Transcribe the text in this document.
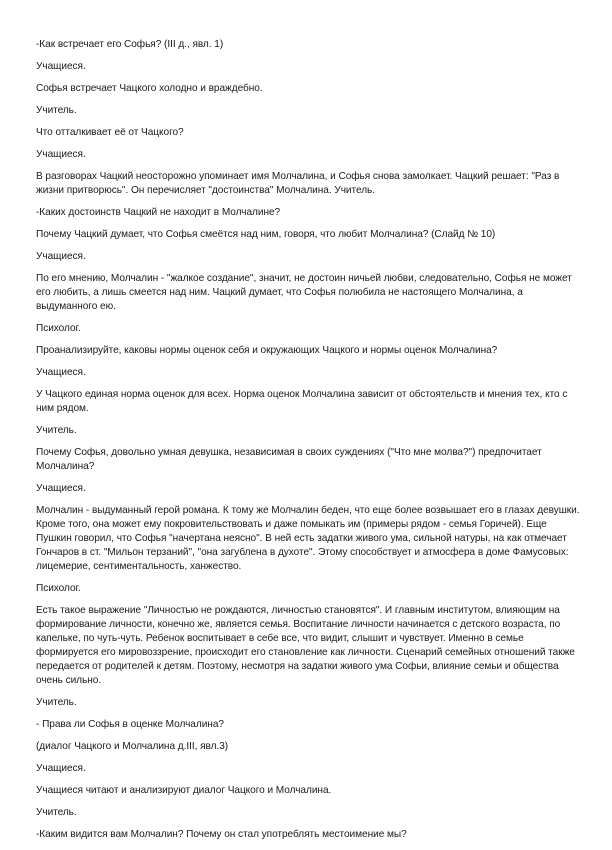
-Как встречает его Софья? (III д., явл. 1)

Учащиеся.

Софья встречает Чацкого холодно и враждебно.

Учитель.

Что отталкивает её от Чацкого?

Учащиеся.

В разговорах Чацкий неосторожно упоминает имя Молчалина, и Софья снова замолкает. Чацкий решает: "Раз в жизни притворюсь". Он перечисляет "достоинства" Молчалина. Учитель.

-Каких достоинств Чацкий не находит в Молчалине?

Почему Чацкий думает, что Софья смеётся над ним, говоря, что любит Молчалина? (Слайд № 10)

Учащиеся.

По его мнению, Молчалин - "жалкое создание", значит, не достоин ничьей любви, следовательно, Софья не может его любить, а лишь смеется над ним. Чацкий думает, что Софья полюбила не настоящего Молчалина, а выдуманного ею.

Психолог.

Проанализируйте, каковы нормы оценок себя и окружающих Чацкого и нормы оценок Молчалина?

Учащиеся.

У Чацкого единая норма оценок для всех. Норма оценок Молчалина зависит от обстоятельств и мнения тех, кто с ним рядом.

Учитель.

Почему Софья, довольно умная девушка, независимая в своих суждениях ("Что мне молва?") предпочитает Молчалина?

Учащиеся.

Молчалин - выдуманный герой романа. К тому же Молчалин беден, что еще более возвышает его в глазах девушки. Кроме того, она может ему покровительствовать и даже помыкать им (примеры рядом - семья Горичей). Еще Пушкин говорил, что Софья "начертана неясно". В ней есть задатки живого ума, сильной натуры, на как отмечает Гончаров в ст. "Мильон терзаний", "она загублена в духоте". Этому способствует и атмосфера в доме Фамусовых: лицемерие, сентиментальность, ханжество.

Психолог.

Есть такое выражение "Личностью не рождаются, личностью становятся". И главным институтом, влияющим на формирование личности, конечно же, является семья. Воспитание личности начинается с детского возраста, по капельке, по чуть-чуть. Ребенок воспитывает в себе все, что видит, слышит и чувствует. Именно в семье формируется его мировоззрение, происходит его становление как личности. Сценарий семейных отношений также передается от родителей к детям. Поэтому, несмотря на задатки живого ума Софьи, влияние семьи и общества очень сильно.

Учитель.

- Права ли Софья в оценке Молчалина?

(диалог Чацкого и Молчалина д.III, явл.3)

Учащиеся.

Учащиеся читают и анализируют диалог Чацкого и Молчалина.

Учитель.

-Каким видится вам Молчалин? Почему он стал употреблять местоимение мы?
